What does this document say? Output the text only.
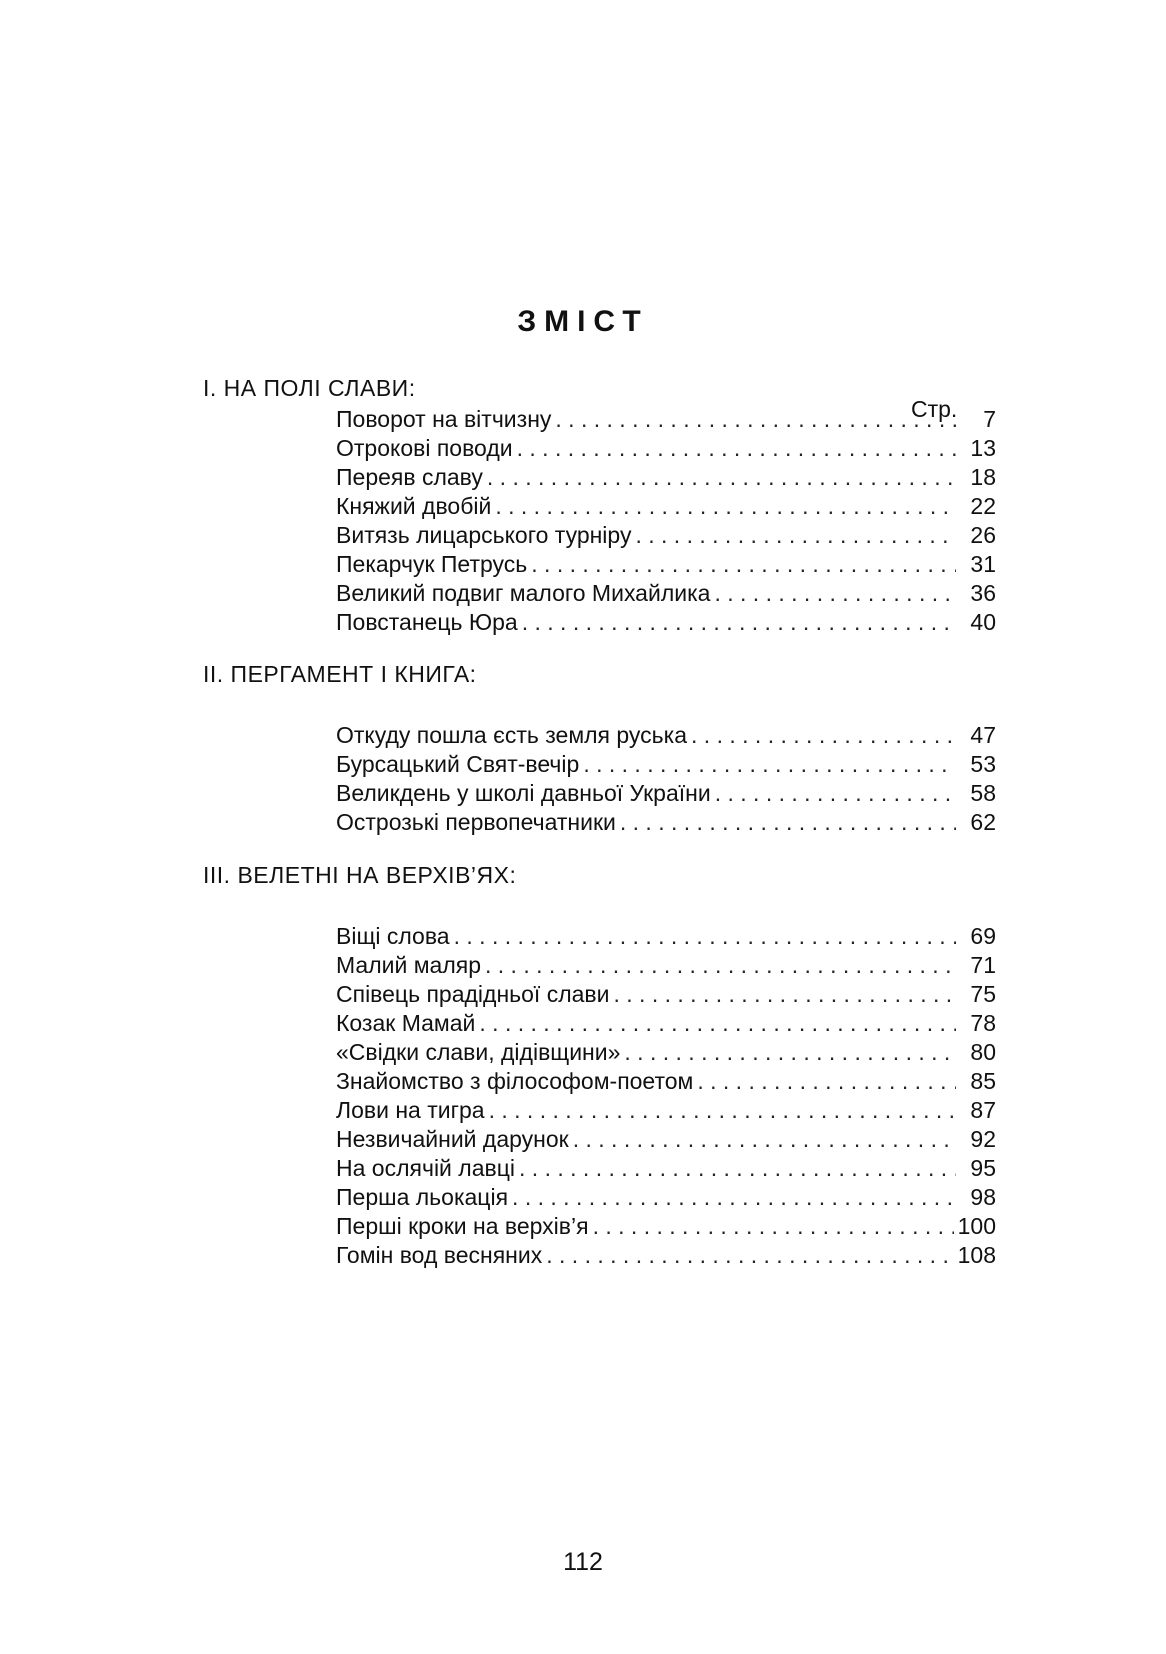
ЗМІСТ
І. НА ПОЛІ СЛАВИ:
Стр.
Поворот на вітчизну . . .	7
Отрокові поводи . . .	13
Переяв славу . . .	18
Княжий двобій . . .	22
Витязь лицарського турніру . . .	26
Пекарчук Петрусь . . .	31
Великий подвиг малого Михайлика . . .	36
Повстанець Юра . . .	40
ІІ. ПЕРГАМЕНТ І КНИГА:
Откуду пошла єсть земля руська . . .	47
Бурсацький Свят-вечір . . .	53
Великдень у школі давньої України . . .	58
Острозькі первопечатники . . .	62
ІІІ. ВЕЛЕТНІ НА ВЕРХІВ’ЯХ:
Віщі слова . . .	69
Малий маляр . . .	71
Співець прадідньої слави . . .	75
Козак Мамай . . .	78
«Свідки слави, дідівщини» . . .	80
Знайомство з філософом-поетом . . .	85
Лови на тигра . . .	87
Незвичайний дарунок . . .	92
На ослячій лавці . . .	95
Перша льокація . . .	98
Перші кроки на верхів’я . . .	100
Гомін вод весняних . . .	108
112
